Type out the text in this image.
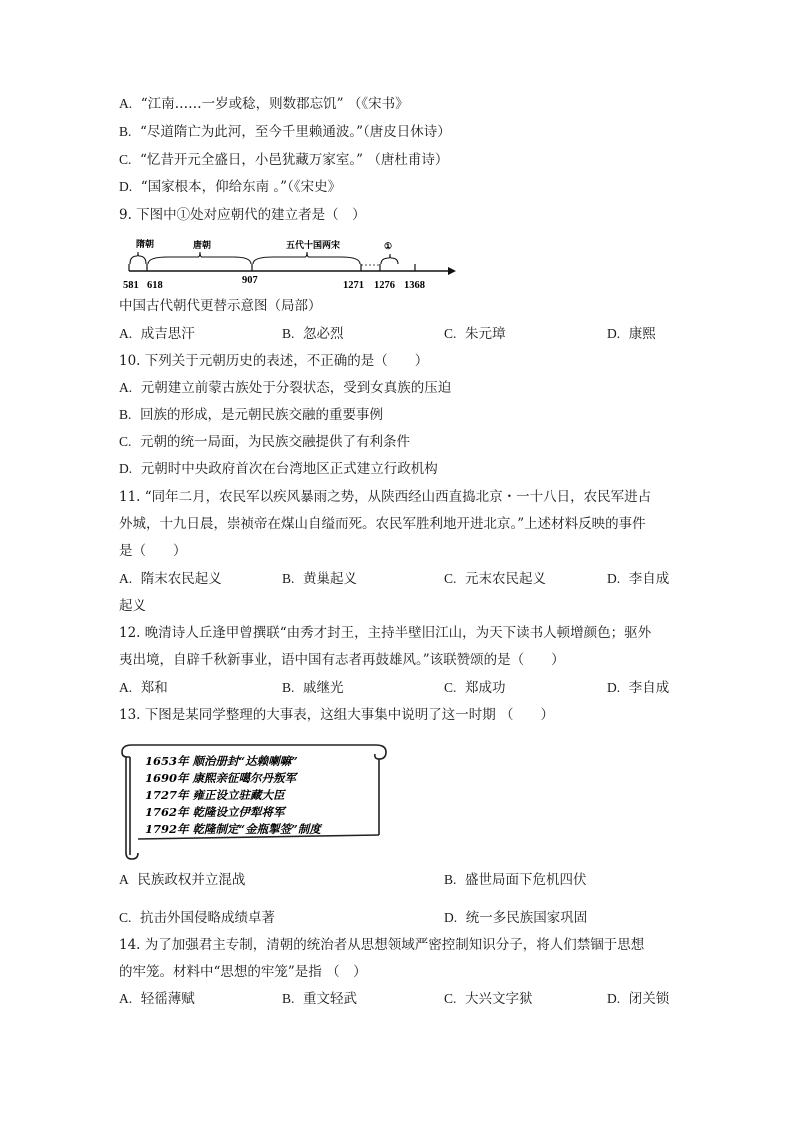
A. “江南……一岁或稔，则数郡忘饥” （《宋书》
B. “尽道隋亡为此河，至今千里赖通波。”（唐皮日休诗）
C. “忆昔开元全盛日，小邑犹藏万家室。” （唐杜甫诗）
D. “国家根本，仰给东南 。”（《宋史》
9. 下图中①处对应朝代的建立者是（　）
隋朝	唐朝	五代十国两宋	①
581 618	907	1271 1276 1368
中国古代朝代更替示意图（局部）
A. 成吉思汗	B. 忽必烈	C. 朱元璋	D. 康熙
10. 下列关于元朝历史的表述，不正确的是（　　）
A. 元朝建立前蒙古族处于分裂状态，受到女真族的压迫
B. 回族的形成，是元朝民族交融的重要事例
C. 元朝的统一局面，为民族交融提供了有利条件
D. 元朝时中央政府首次在台湾地区正式建立行政机构
11. “同年二月，农民军以疾风暴雨之势，从陕西经山西直捣北京・一十八日，农民军进占
外城，十九日晨，崇祯帝在煤山自缢而死。农民军胜利地开进北京。”上述材料反映的事件
是（　　）
A. 隋末农民起义	B. 黄巢起义	C. 元末农民起义	D. 李自成
起义
12. 晚清诗人丘逢甲曾撰联“由秀才封王，主持半壁旧江山，为天下读书人顿增颜色；驱外
夷出境，自辟千秋新事业，语中国有志者再鼓雄风。”该联赞颂的是（　　）
A. 郑和	B. 戚继光	C. 郑成功	D. 李自成
13. 下图是某同学整理的大事表，这组大事集中说明了这一时期 （　　）
1653年 顺治册封“达赖喇嘛”
1690年 康熙亲征噶尔丹叛军
1727年 雍正设立驻藏大臣
1762年 乾隆设立伊犁将军
1792年 乾隆制定“金瓶掣签”制度
A 民族政权并立混战	B. 盛世局面下危机四伏
C. 抗击外国侵略成绩卓著	D. 统一多民族国家巩固
14. 为了加强君主专制，清朝的统治者从思想领域严密控制知识分子，将人们禁锢于思想
的牢笼。材料中“思想的牢笼”是指 （　）
A. 轻徭薄赋	B. 重文轻武	C. 大兴文字狱	D. 闭关锁
